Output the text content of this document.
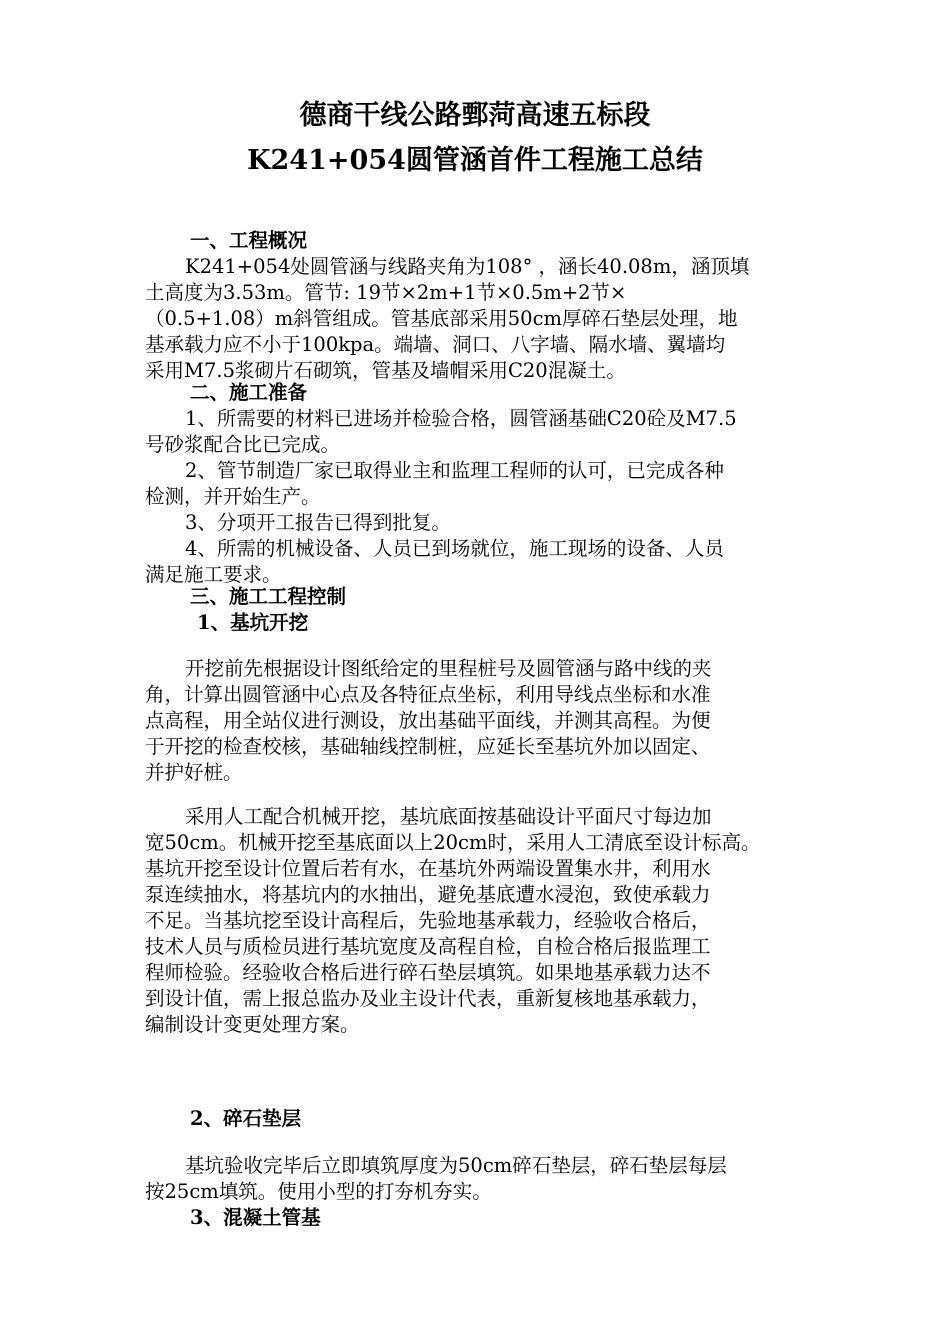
德商干线公路鄄菏高速五标段
K241+054圆管涵首件工程施工总结
一、工程概况
K241+054处圆管涵与线路夹角为108° ，涵长40.08m，涵顶填
土高度为3.53m。管节: 19节×2m+1节×0.5m+2节×
（0.5+1.08）m斜管组成。管基底部采用50cm厚碎石垫层处理，地
基承载力应不小于100kpa。端墙、洞口、八字墙、隔水墙、翼墙均
采用M7.5浆砌片石砌筑，管基及墙帽采用C20混凝土。
二、施工准备
1、所需要的材料已进场并检验合格，圆管涵基础C20砼及M7.5
号砂浆配合比已完成。
2、管节制造厂家已取得业主和监理工程师的认可，已完成各种
检测，并开始生产。
3、分项开工报告已得到批复。
4、所需的机械设备、人员已到场就位，施工现场的设备、人员
满足施工要求。
三、施工工程控制
1、基坑开挖
开挖前先根据设计图纸给定的里程桩号及圆管涵与路中线的夹
角，计算出圆管涵中心点及各特征点坐标，利用导线点坐标和水准
点高程，用全站仪进行测设，放出基础平面线，并测其高程。为便
于开挖的检查校核，基础轴线控制桩，应延长至基坑外加以固定、
并护好桩。
采用人工配合机械开挖，基坑底面按基础设计平面尺寸每边加
宽50cm。机械开挖至基底面以上20cm时，采用人工清底至设计标高。
基坑开挖至设计位置后若有水，在基坑外两端设置集水井，利用水
泵连续抽水，将基坑内的水抽出，避免基底遭水浸泡，致使承载力
不足。当基坑挖至设计高程后，先验地基承载力，经验收合格后，
技术人员与质检员进行基坑宽度及高程自检，自检合格后报监理工
程师检验。经验收合格后进行碎石垫层填筑。如果地基承载力达不
到设计值，需上报总监办及业主设计代表，重新复核地基承载力，
编制设计变更处理方案。
2、碎石垫层
基坑验收完毕后立即填筑厚度为50cm碎石垫层，碎石垫层每层
按25cm填筑。使用小型的打夯机夯实。
3、混凝土管基
